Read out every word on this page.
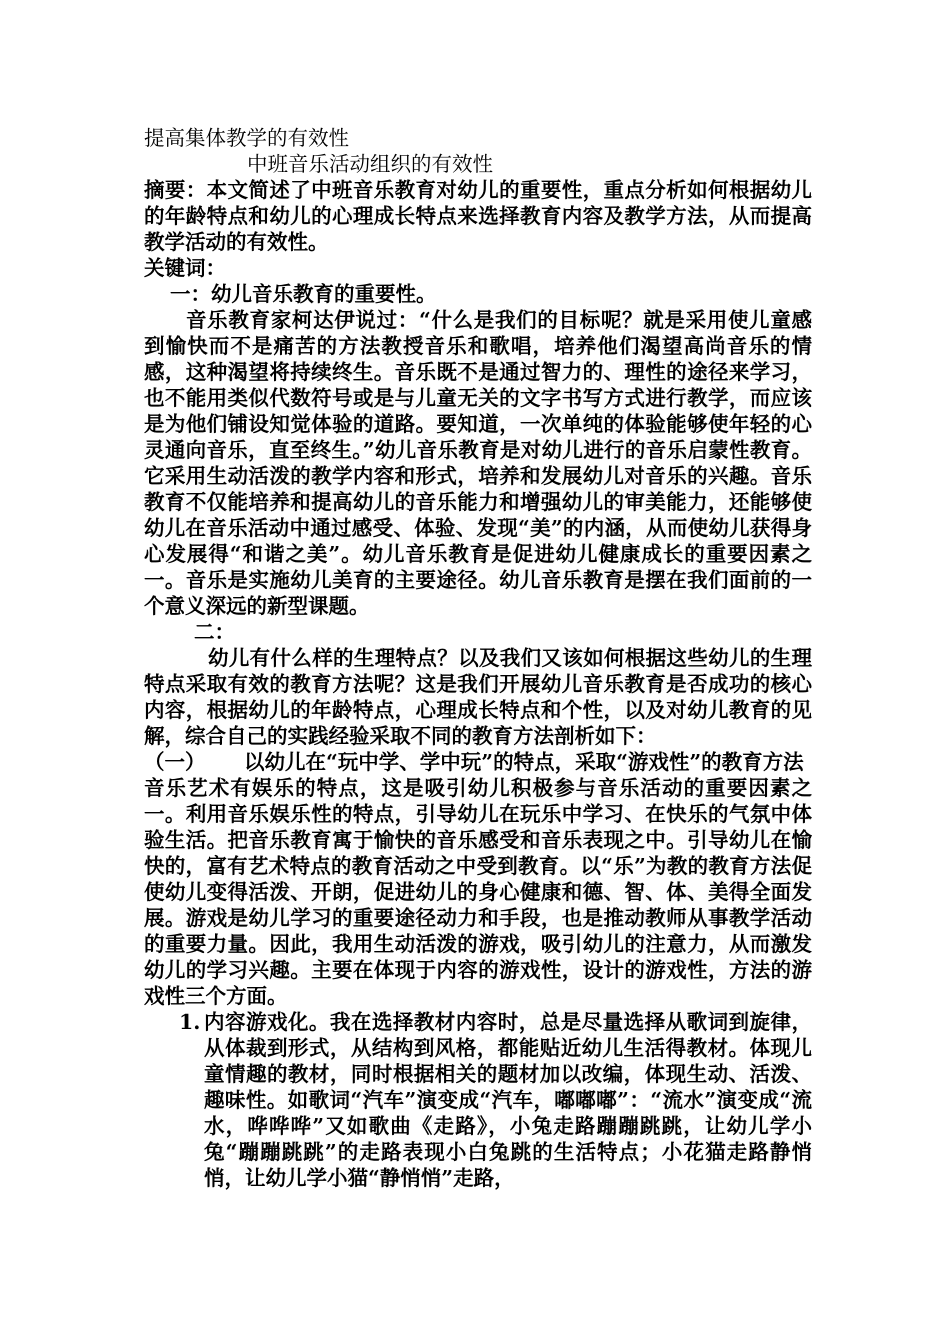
提高集体教学的有效性

中班音乐活动组织的有效性

摘要：本文简述了中班音乐教育对幼儿的重要性，重点分析如何根据幼儿的年龄特点和幼儿的心理成长特点来选择教育内容及教学方法，从而提高教学活动的有效性。

关键词：

一：幼儿音乐教育的重要性。

音乐教育家柯达伊说过：“什么是我们的目标呢？就是采用使儿童感到愉快而不是痛苦的方法教授音乐和歌唱，培养他们渴望高尚音乐的情感，这种渴望将持续终生。音乐既不是通过智力的、理性的途径来学习，也不能用类似代数符号或是与儿童无关的文字书写方式进行教学，而应该是为他们铺设知觉体验的道路。要知道，一次单纯的体验能够使年轻的心灵通向音乐，直至终生。”幼儿音乐教育是对幼儿进行的音乐启蒙性教育。它采用生动活泼的教学内容和形式，培养和发展幼儿对音乐的兴趣。音乐教育不仅能培养和提高幼儿的音乐能力和增强幼儿的审美能力，还能够使幼儿在音乐活动中通过感受、体验、发现“美”的内涵，从而使幼儿获得身心发展得“和谐之美”。幼儿音乐教育是促进幼儿健康成长的重要因素之一。音乐是实施幼儿美育的主要途径。幼儿音乐教育是摆在我们面前的一个意义深远的新型课题。

二：

幼儿有什么样的生理特点？以及我们又该如何根据这些幼儿的生理特点采取有效的教育方法呢？这是我们开展幼儿音乐教育是否成功的核心内容，根据幼儿的年龄特点，心理成长特点和个性，以及对幼儿教育的见解，综合自己的实践经验采取不同的教育方法剖析如下：

（一） 以幼儿在“玩中学、学中玩”的特点，采取“游戏性”的教育方法

音乐艺术有娱乐的特点，这是吸引幼儿积极参与音乐活动的重要因素之一。利用音乐娱乐性的特点，引导幼儿在玩乐中学习、在快乐的气氛中体验生活。把音乐教育寓于愉快的音乐感受和音乐表现之中。引导幼儿在愉快的，富有艺术特点的教育活动之中受到教育。以“乐”为教的教育方法促使幼儿变得活泼、开朗，促进幼儿的身心健康和德、智、体、美得全面发展。游戏是幼儿学习的重要途径动力和手段，也是推动教师从事教学活动的重要力量。因此，我用生动活泼的游戏，吸引幼儿的注意力，从而激发幼儿的学习兴趣。主要在体现于内容的游戏性，设计的游戏性，方法的游戏性三个方面。

1. 内容游戏化。我在选择教材内容时，总是尽量选择从歌词到旋律，从体裁到形式，从结构到风格，都能贴近幼儿生活得教材。体现儿童情趣的教材，同时根据相关的题材加以改编，体现生动、活泼、趣味性。如歌词“汽车”演变成“汽车，嘟嘟嘟”：“流水”演变成“流水，哗哗哗”又如歌曲《走路》，小兔走路蹦蹦跳跳，让幼儿学小兔“蹦蹦跳跳”的走路表现小白兔跳的生活特点；小花猫走路静悄悄，让幼儿学小猫“静悄悄”走路，
